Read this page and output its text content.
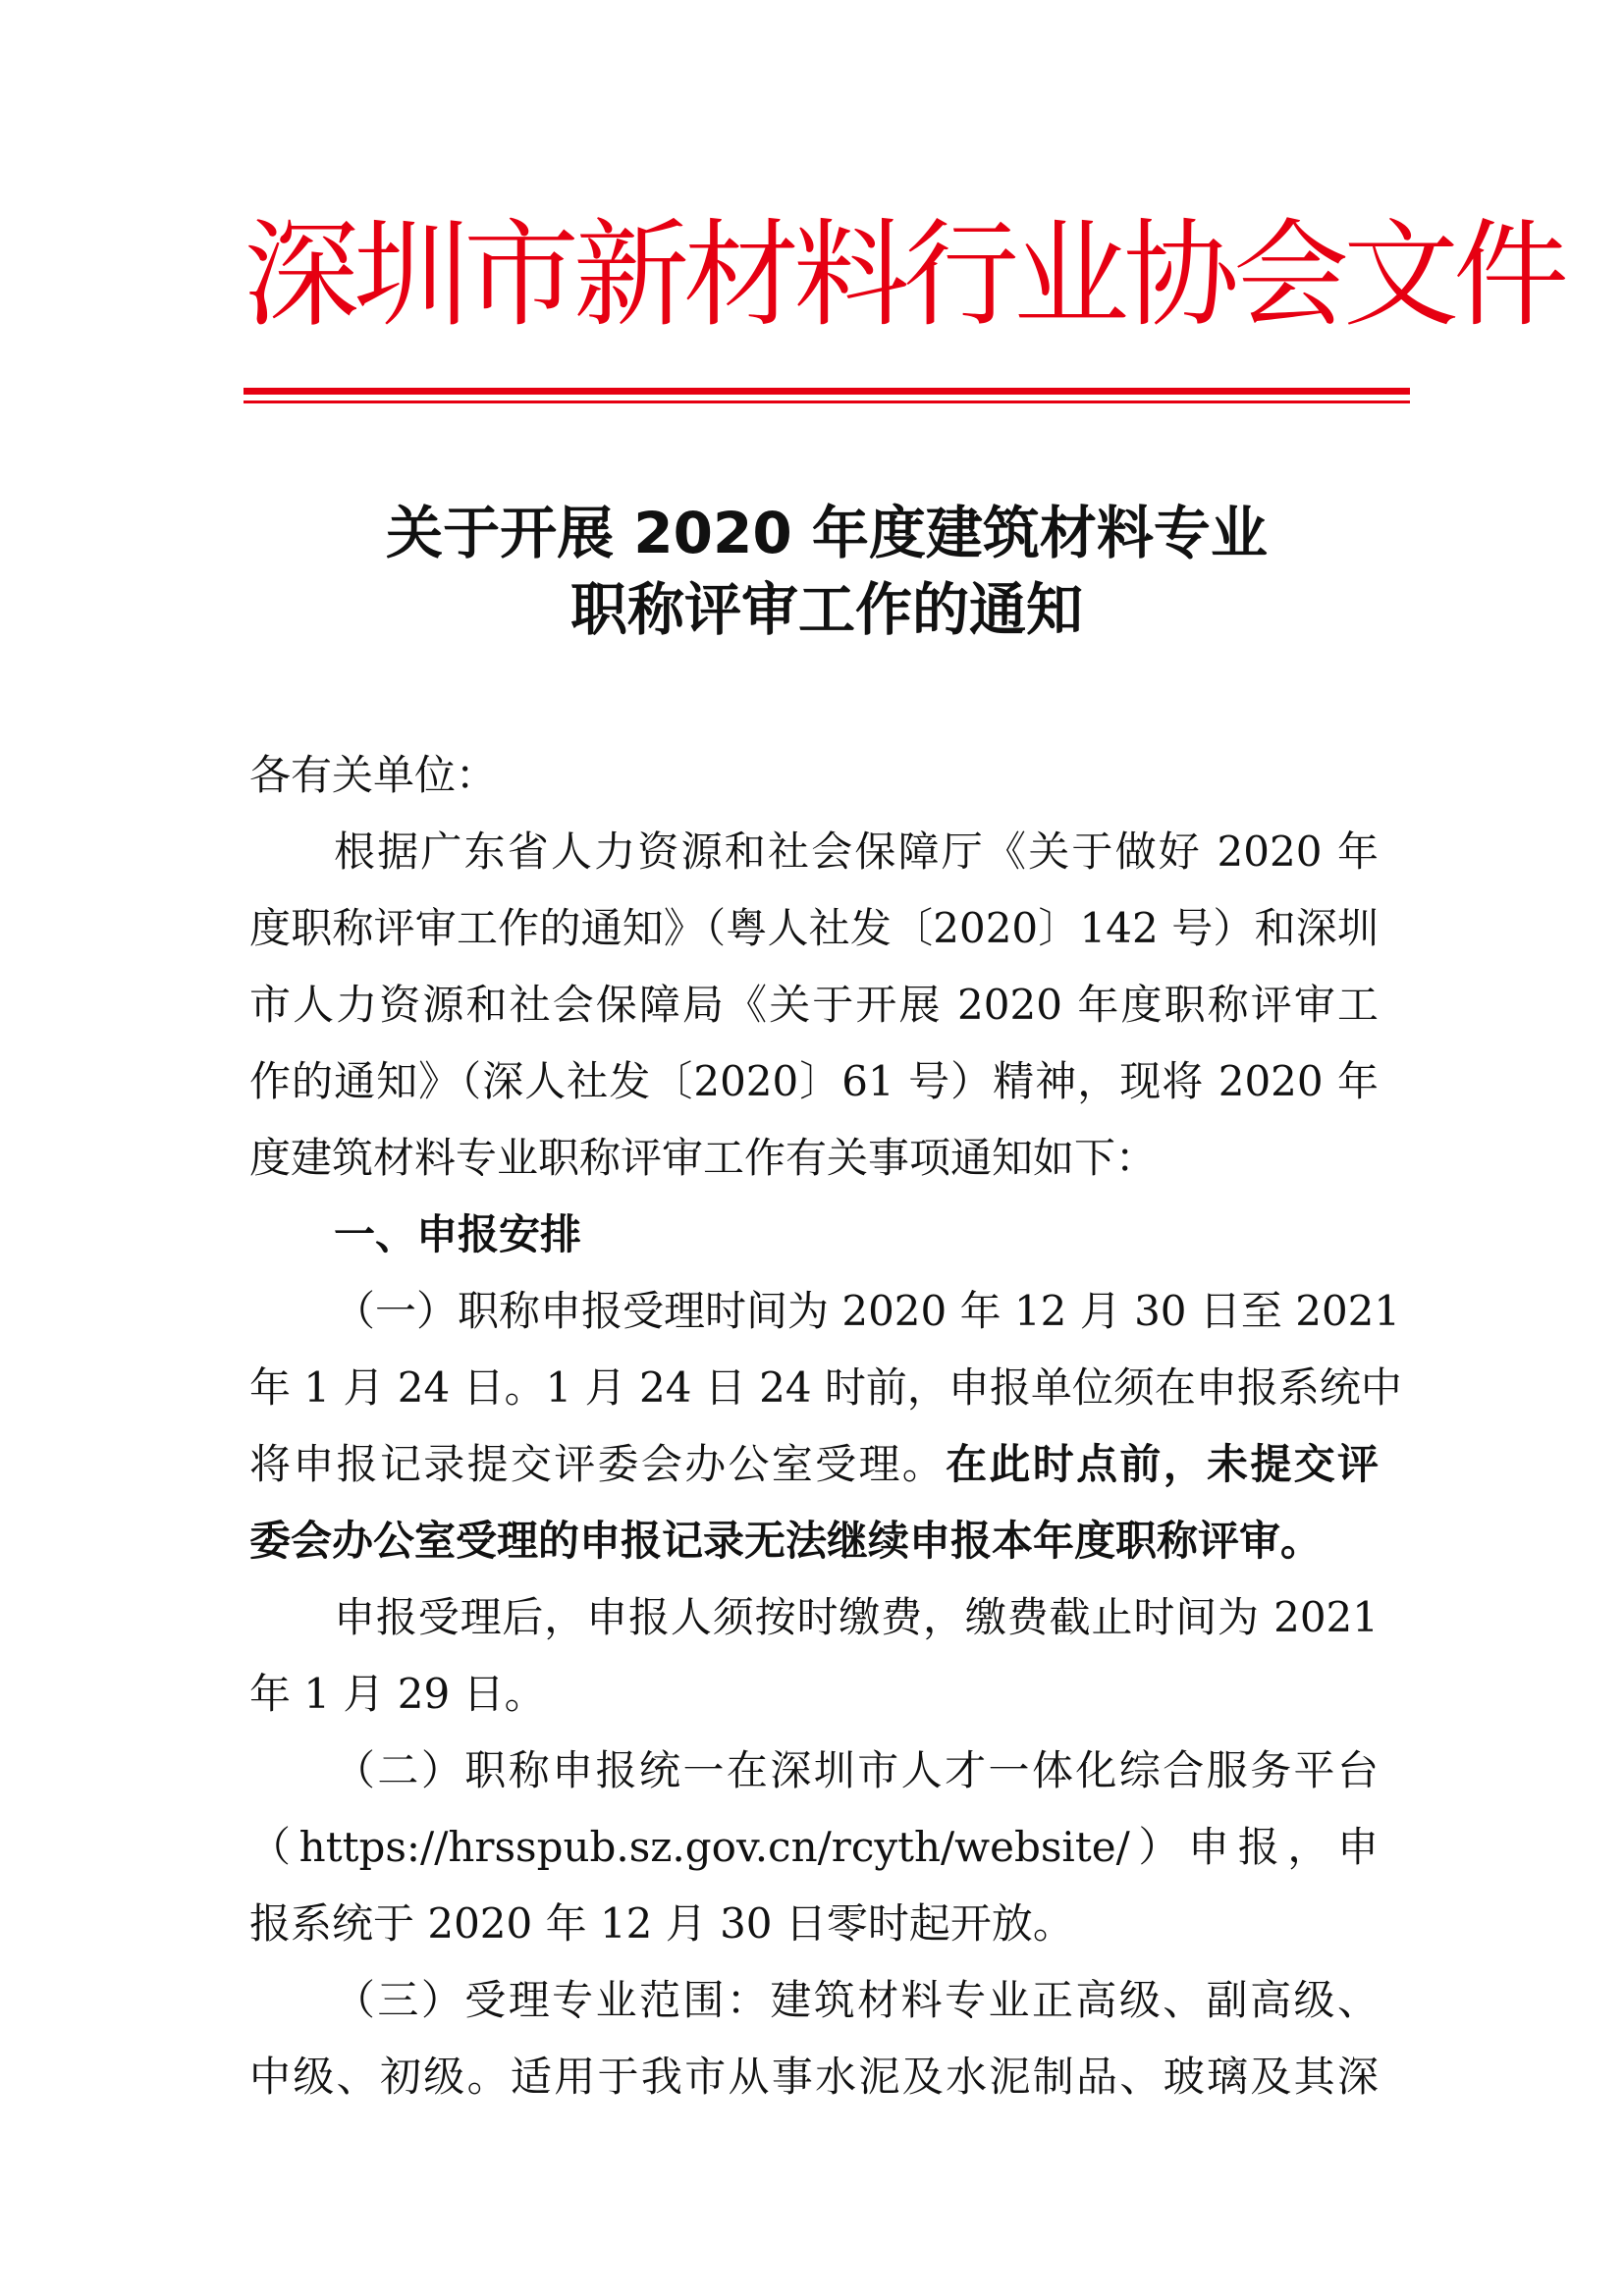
深圳市新材料行业协会文件
关于开展 2020 年度建筑材料专业
职称评审工作的通知
各有关单位：
根据广东省人力资源和社会保障厅《关于做好 2020 年
度职称评审工作的通知》（粤人社发〔2020〕142 号）和深圳
市人力资源和社会保障局《关于开展 2020 年度职称评审工
作的通知》（深人社发〔2020〕61 号）精神，现将 2020 年
度建筑材料专业职称评审工作有关事项通知如下：
一、申报安排
（一）职称申报受理时间为 2020 年 12 月 30 日至 2021
年 1 月 24 日。1 月 24 日 24 时前，申报单位须在申报系统中
将申报记录提交评委会办公室受理。在此时点前，未提交评
委会办公室受理的申报记录无法继续申报本年度职称评审。
申报受理后，申报人须按时缴费，缴费截止时间为 2021
年 1 月 29 日。
（二）职称申报统一在深圳市人才一体化综合服务平台
（https://hrsspub.sz.gov.cn/rcyth/website/）申报，申
报系统于 2020 年 12 月 30 日零时起开放。
（三）受理专业范围：建筑材料专业正高级、副高级、
中级、初级。适用于我市从事水泥及水泥制品、玻璃及其深
